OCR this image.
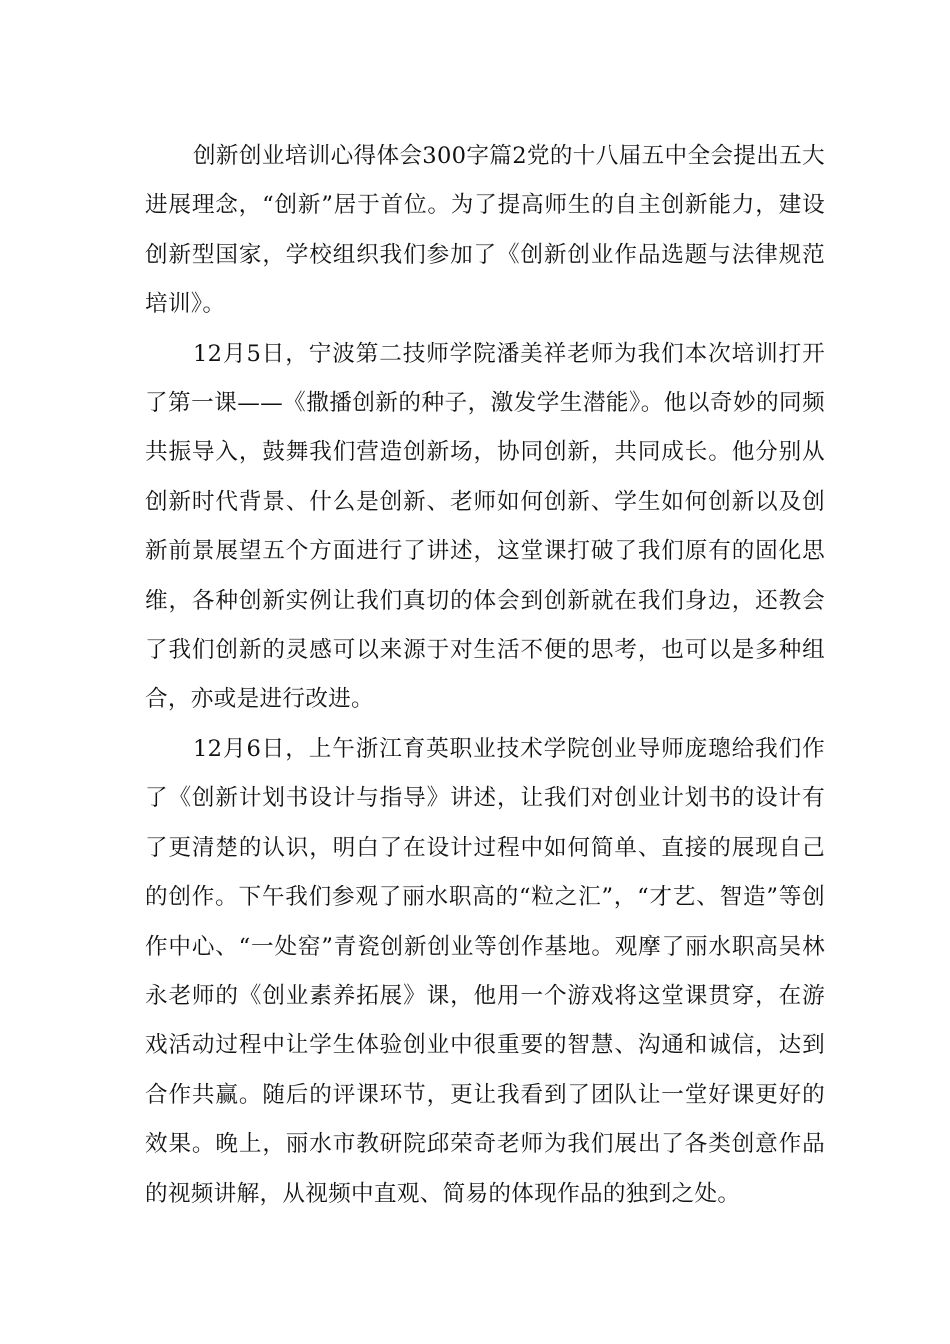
创新创业培训心得体会300字篇2党的十八届五中全会提出五大进展理念，“创新”居于首位。为了提高师生的自主创新能力，建设创新型国家，学校组织我们参加了《创新创业作品选题与法律规范培训》。

12月5日，宁波第二技师学院潘美祥老师为我们本次培训打开了第一课——《撒播创新的种子，激发学生潜能》。他以奇妙的同频共振导入，鼓舞我们营造创新场，协同创新，共同成长。他分别从创新时代背景、什么是创新、老师如何创新、学生如何创新以及创新前景展望五个方面进行了讲述，这堂课打破了我们原有的固化思维，各种创新实例让我们真切的体会到创新就在我们身边，还教会了我们创新的灵感可以来源于对生活不便的思考，也可以是多种组合，亦或是进行改进。

12月6日，上午浙江育英职业技术学院创业导师庞璁给我们作了《创新计划书设计与指导》讲述，让我们对创业计划书的设计有了更清楚的认识，明白了在设计过程中如何简单、直接的展现自己的创作。下午我们参观了丽水职高的“粒之汇”，“才艺、智造”等创作中心、“一处窑”青瓷创新创业等创作基地。观摩了丽水职高吴林永老师的《创业素养拓展》课，他用一个游戏将这堂课贯穿，在游戏活动过程中让学生体验创业中很重要的智慧、沟通和诚信，达到合作共赢。随后的评课环节，更让我看到了团队让一堂好课更好的效果。晚上，丽水市教研院邱荣奇老师为我们展出了各类创意作品的视频讲解，从视频中直观、简易的体现作品的独到之处。
